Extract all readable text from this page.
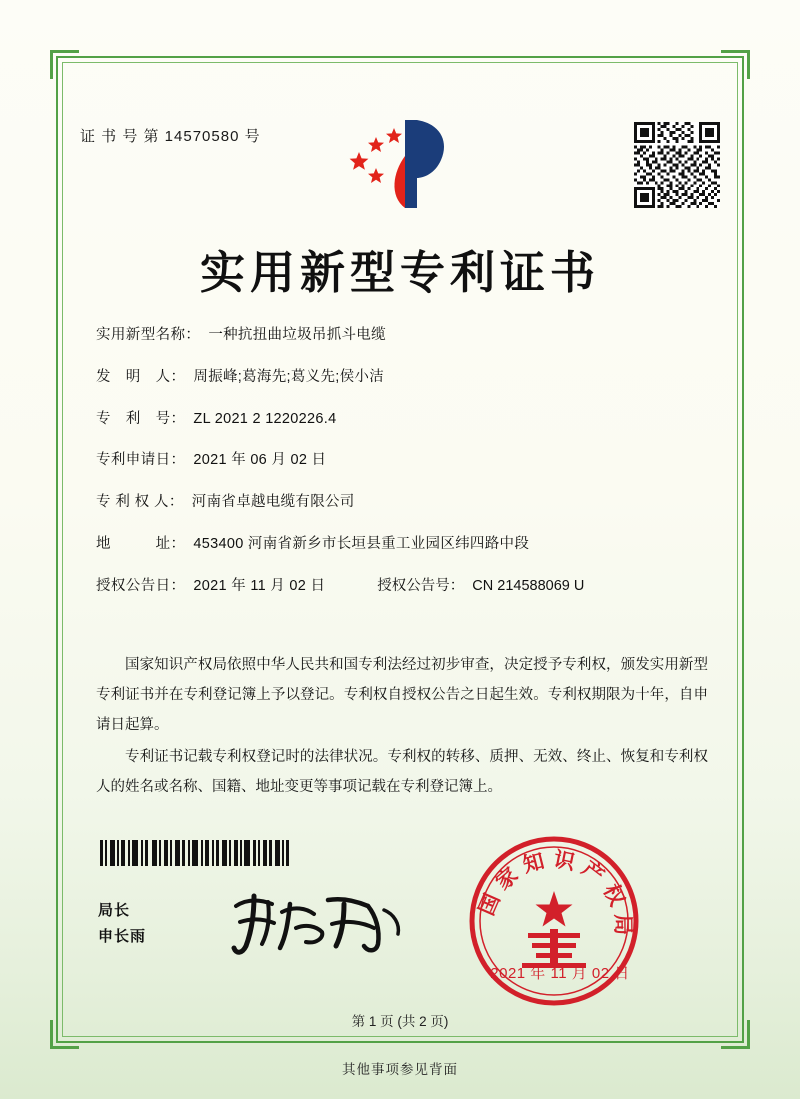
证 书 号 第 14570580 号
实用新型专利证书
实用新型名称： 一种抗扭曲垃圾吊抓斗电缆
发　明　人： 周振峰;葛海先;葛义先;侯小洁
专　利　号： ZL 2021 2 1220226.4
专利申请日： 2021 年 06 月 02 日
专 利 权 人： 河南省卓越电缆有限公司
地　　　址： 453400 河南省新乡市长垣县重工业园区纬四路中段
授权公告日： 2021 年 11 月 02 日	授权公告号： CN 214588069 U

国家知识产权局依照中华人民共和国专利法经过初步审查，决定授予专利权，颁发实用新型专利证书并在专利登记簿上予以登记。专利权自授权公告之日起生效。专利权期限为十年，自申请日起算。

专利证书记载专利权登记时的法律状况。专利权的转移、质押、无效、终止、恢复和专利权人的姓名或名称、国籍、地址变更等事项记载在专利登记簿上。

局长
申长雨
国家知识产权局
2021 年 11 月 02 日
第 1 页 (共 2 页)
其他事项参见背面
